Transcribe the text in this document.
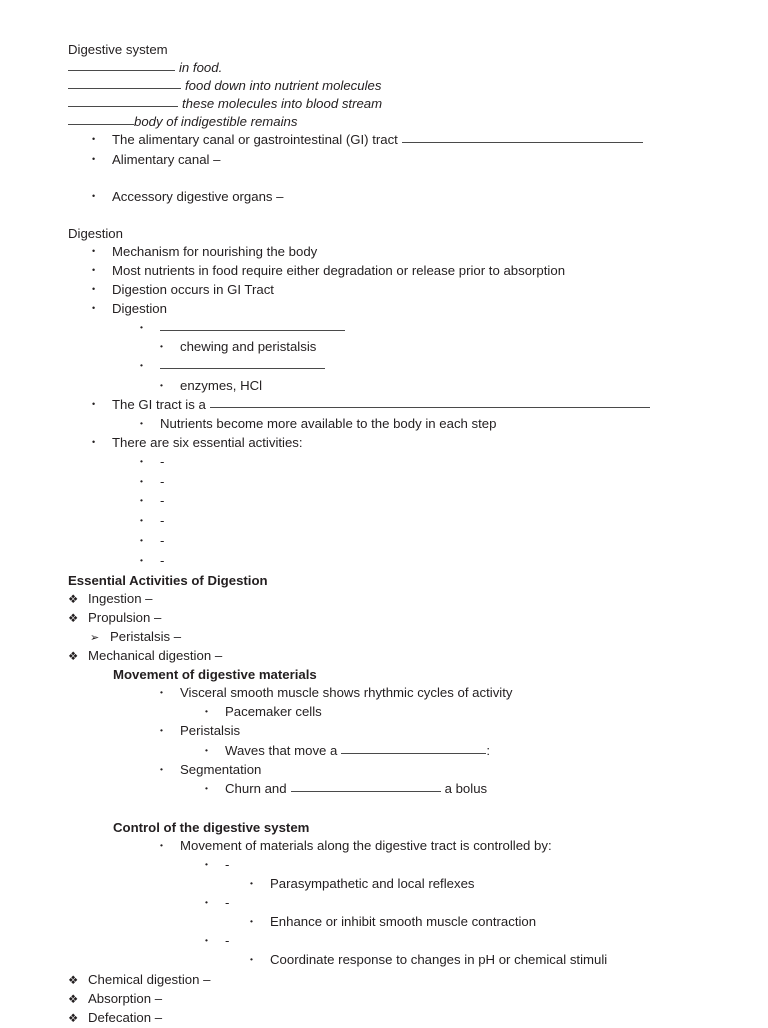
Digestive system
in food.
food down into nutrient molecules
these molecules into blood stream
body of indigestible remains
•The alimentary canal or gastrointestinal (GI) tract
•Alimentary canal –
•Accessory digestive organs –
Digestion
•Mechanism for nourishing the body
•Most nutrients in food require either degradation or release prior to absorption
•Digestion occurs in GI Tract
•Digestion
•
•chewing and peristalsis
•
•enzymes, HCl
•The GI tract is a
•Nutrients become more available to the body in each step
•There are six essential activities:
•-
•-
•-
•-
•-
•-
Essential Activities of Digestion
❖Ingestion –
❖Propulsion –
➢Peristalsis –
❖Mechanical digestion –
Movement of digestive materials
•Visceral smooth muscle shows rhythmic cycles of activity
•Pacemaker cells
•Peristalsis
•Waves that move a	:
•Segmentation
•Churn and	a bolus
Control of the digestive system
•Movement of materials along the digestive tract is controlled by:
•-
•Parasympathetic and local reflexes
•-
•Enhance or inhibit smooth muscle contraction
•-
•Coordinate response to changes in pH or chemical stimuli
❖Chemical digestion –
❖Absorption –
❖Defecation –
